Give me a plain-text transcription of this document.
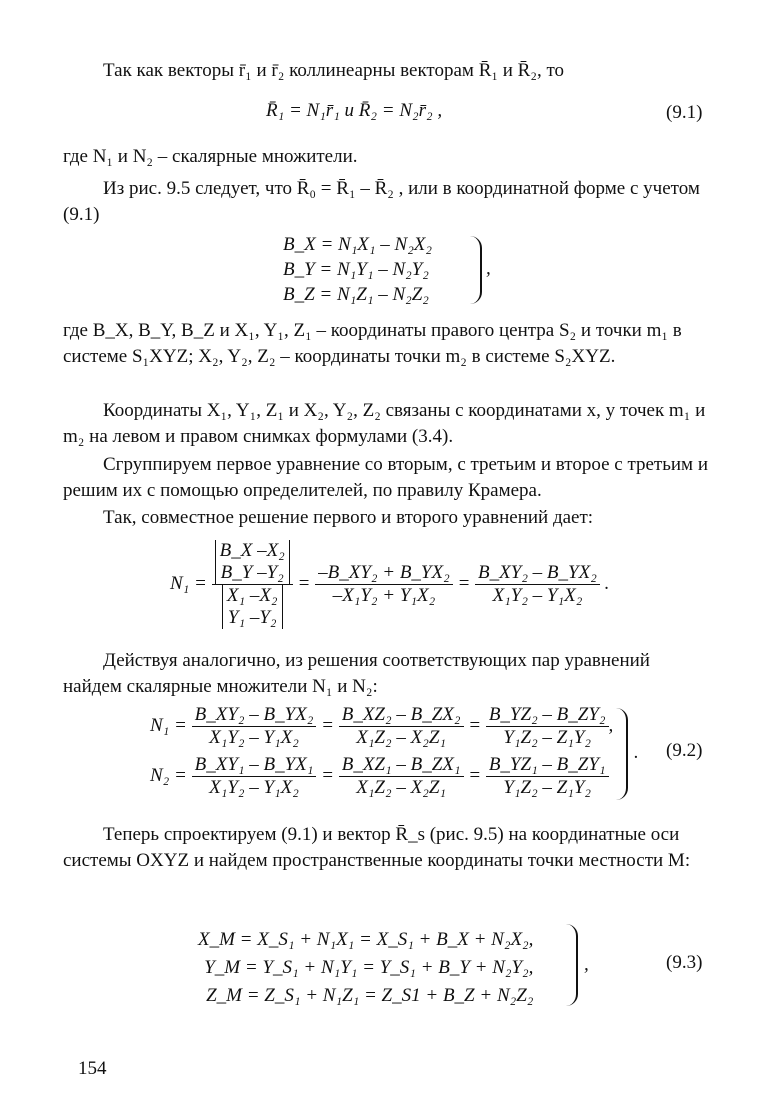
Так как векторы r̄₁ и r̄₂ коллинеарны векторам R̄₁ и R̄₂, то

R̄₁ = N₁r̄₁ и R̄₂ = N₂r̄₂ ,	(9.1)

где N₁ и N₂ – скалярные множители.

Из рис. 9.5 следует, что R̄₀ = R̄₁ – R̄₂ , или в координатной форме с учетом (9.1)

B_X = N₁X₁ – N₂X₂
B_Y = N₁Y₁ – N₂Y₂
B_Z = N₁Z₁ – N₂Z₂
,

где B_X, B_Y, B_Z и X₁, Y₁, Z₁ – координаты правого центра S₂ и точки m₁ в системе S₁XYZ; X₂, Y₂, Z₂ – координаты точки m₂ в системе S₂XYZ.

Координаты X₁, Y₁, Z₁ и X₂, Y₂, Z₂ связаны с координатами x, y точек m₁ и m₂ на левом и правом снимках формулами (3.4).

Сгруппируем первое уравнение со вторым, с третьим и второе с третьим и решим их с помощью определителей, по правилу Крамера.

Так, совместное решение первого и второго уравнений дает:

N₁ = B_X –X₂
B_Y –Y₂
X₁ –X₂
Y₁ $-Y_2 = \frac{\text{–B\_XY₂ + B\_YX₂}}{\text{–X₁Y₂ + Y₁X₂}} = \frac{\text{B\_XY₂ – B\_YX₂}}{\text{X₁Y₂ – Y₁X₂}}$ .

Действуя аналогично, из решения соответствующих пар уравнений найдем скалярные множители N₁ и N₂:

$N_1 = \frac{\text{B\_XY₂ – B\_YX₂}}{\text{X₁Y₂ – Y₁X₂}} = \frac{\text{B\_XZ₂ – B\_ZX₂}}{\text{X₁Z₂ – X₂Z₁}} = \frac{\text{B\_YZ₂ – B\_ZY₂}}{\text{Y₁Z₂ – Z₁Y₂}}$ ,
$N_2 = \frac{\text{B\_XY₁ – B\_YX₁}}{\text{X₁Y₂ – Y₁X₂}} = \frac{\text{B\_XZ₁ – B\_ZX₁}}{\text{X₁Z₂ – X₂Z₁}} = \frac{\text{B\_YZ₁ – B\_ZY₁}}{\text{Y₁Z₂ – Z₁Y₂}}$
. (9.2)

Теперь спроектируем (9.1) и вектор R̄_s (рис. 9.5) на координатные оси системы OXYZ и найдем пространственные координаты точки местности M:

X_M = X_S₁ + N₁X₁ = X_S₁ + B_X + N₂X₂,
Y_M = Y_S₁ + N₁Y₁ = Y_S₁ + B_Y + N₂Y₂,
Z_M = Z_S₁ + N₁Z₁ = Z_S1 + B_Z + N₂Z₂
,	(9.3)
154
